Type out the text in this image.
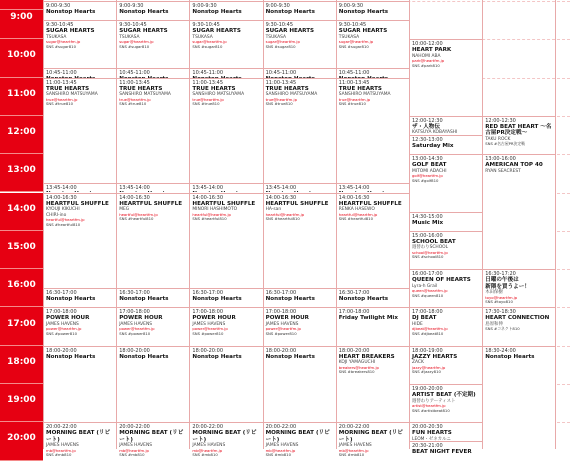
9:00
10:00
11:00
12:00
13:00
14:00
15:00
16:00
17:00
18:00
19:00
20:00
9:00-9:30
Nonstop Hearts
9:30-10:45
SUGAR HEARTS
TSUKASA
sugar@heartfm.jp
SNS #sugar810
10:45-11:00
11:00-13:45
TRUE HEARTS
SANSHIRO MATSUYAMA
true@heartfm.jp
SNS #true810
13:45-14:00
14:00-16:30
HEARTFUL SHUFFLE
KYOUJI KIKUCHI
CHIRI-ino
heartful@heartfm.jp
SNS #heartful810
16:30-17:00
Nonstop Hearts
17:00-18:00
POWER HOUR
JAMES HAVENS
power@heartfm.jp
SNS #power810
18:00-20:00
Nonstop Hearts
20:00-22:00
MORNING BEAT (リピート)
JAMES HAVENS
mb@heartfm.jp
SNS #mb810
9:00-9:30
Nonstop Hearts
9:30-10:45
SUGAR HEARTS
TSUKASA
sugar@heartfm.jp
SNS #sugar810
10:45-11:00
11:00-13:45
TRUE HEARTS
SANSHIRO MATSUYAMA
true@heartfm.jp
SNS #true810
13:45-14:00
14:00-16:30
HEARTFUL SHUFFLE
MEG
heartful@heartfm.jp
SNS #heartful810
16:30-17:00
Nonstop Hearts
17:00-18:00
POWER HOUR
JAMES HAVENS
power@heartfm.jp
SNS #power810
18:00-20:00
Nonstop Hearts
20:00-22:00
MORNING BEAT (リピート)
JAMES HAVENS
mb@heartfm.jp
SNS #mb810
9:00-9:30
Nonstop Hearts
9:30-10:45
SUGAR HEARTS
TSUKASA
sugar@heartfm.jp
SNS #sugar810
10:45-11:00
11:00-13:45
TRUE HEARTS
SANSHIRO MATSUYAMA
true@heartfm.jp
SNS #true810
13:45-14:00
14:00-16:30
HEARTFUL SHUFFLE
MINORI HASHIMOTO
heartful@heartfm.jp
SNS #heartful810
16:30-17:00
Nonstop Hearts
17:00-18:00
POWER HOUR
JAMES HAVENS
power@heartfm.jp
SNS #power810
18:00-20:00
Nonstop Hearts
20:00-22:00
MORNING BEAT (リピート)
JAMES HAVENS
mb@heartfm.jp
SNS #mb810
9:00-9:30
Nonstop Hearts
9:30-10:45
SUGAR HEARTS
TSUKASA
sugar@heartfm.jp
SNS #sugar810
10:45-11:00
11:00-13:45
TRUE HEARTS
SANSHIRO MATSUYAMA
true@heartfm.jp
SNS #true810
13:45-14:00
14:00-16:30
HEARTFUL SHUFFLE
HA-san
heartful@heartfm.jp
SNS #heartful810
16:30-17:00
Nonstop Hearts
17:00-18:00
POWER HOUR
JAMES HAVENS
power@heartfm.jp
SNS #power810
18:00-20:00
Nonstop Hearts
20:00-22:00
MORNING BEAT (リピート)
JAMES HAVENS
mb@heartfm.jp
SNS #mb810
9:00-9:30
Nonstop Hearts
9:30-10:45
SUGAR HEARTS
TSUKASA
sugar@heartfm.jp
SNS #sugar810
10:45-11:00
11:00-13:45
TRUE HEARTS
SANSHIRO MATSUYAMA
true@heartfm.jp
SNS #true810
13:45-14:00
14:00-16:30
HEARTFUL SHUFFLE
RENKA HASEWO
heartful@heartfm.jp
SNS #heartful810
16:30-17:00
Nonstop Hearts
17:00-18:00
Friday Twilight Mix
18:00-20:00
HEART BREAKERS
KOJI YAMAGUCHI
breakers@heartfm.jp
SNS #breakers810
20:00-22:00
MORNING BEAT (リピート)
JAMES HAVENS
mb@heartfm.jp
SNS #mb810
10:00-12:00
HEART PARK
NAHOMI ABA
park@heartfm.jp
SNS #park810
12:00-12:30
ザ・人物伝
KATSUYA KOBAYASHI
12:30-13:00
Saturday Mix
13:00-14:30
GOLF BEAT
MITOMI ADACHI
golf@heartfm.jp
SNS #golf810
14:30-15:00
Music Mix
15:00-16:00
SCHOOL BEAT
週替わりSCHOOL
school@heartfm.jp
SNS #school810
16:00-17:00
QUEEN OF HEARTS
Lyra-h Grail
queen@heartfm.jp
SNS #queen810
17:00-18:00
DJ BEAT
HIDE
djbeat@heartfm.jp
SNS #djbeat810
18:00-19:00
JAZZY HEARTS
ZACK
jazzy@heartfm.jp
SNS #jazzy810
19:00-20:00
ARTIST BEAT (不定期)
週替わりアーティスト
artist@heartfm.jp
SNS #artistbeat810
20:00-20:30
FUN HEARTS
LEOM・ゼネカルニ
20:30-21:00
BEAT NIGHT FEVER
12:00-12:30
RED BEAT HEART ～名古屋PR決定戦～
TAKU ROCK
SNS #名古屋PR決定戦
13:00-16:00
AMERICAN TOP 40
RYAN SEACREST
16:30-17:20
日曜の午後は
新隈を買うよー！
木田保樹
toyo@heartfm.jp
SNS #toyo810
17:30-18:30
HEART CONNECTION
島原和伸
SNS #コネクト810
18:30-24:00
Nonstop Hearts
